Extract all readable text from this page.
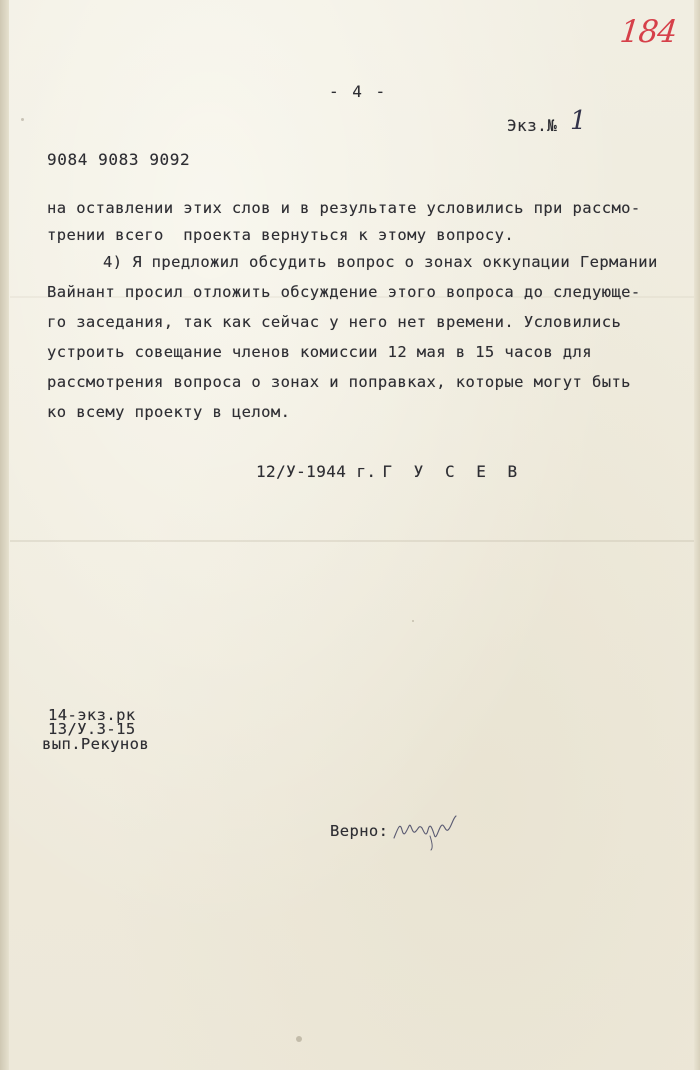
184
- 4 -
Экз.№ 1
9084 9083 9092
на оставлении этих слов и в результате условились при рассмо-
трении всего  проекта вернуться к этому вопросу.
4) Я предложил обсудить вопрос о зонах оккупации Германии
Вайнант просил отложить обсуждение этого вопроса до следующе-
го заседания, так как сейчас у него нет времени. Условились
устроить совещание членов комиссии 12 мая в 15 часов для
рассмотрения вопроса о зонах и поправках, которые могут быть
ко всему проекту в целом.
12/У-1944 г. Г У С Е В
14-экз.рк
13/У.3-15
вып.Рекунов
Верно:
